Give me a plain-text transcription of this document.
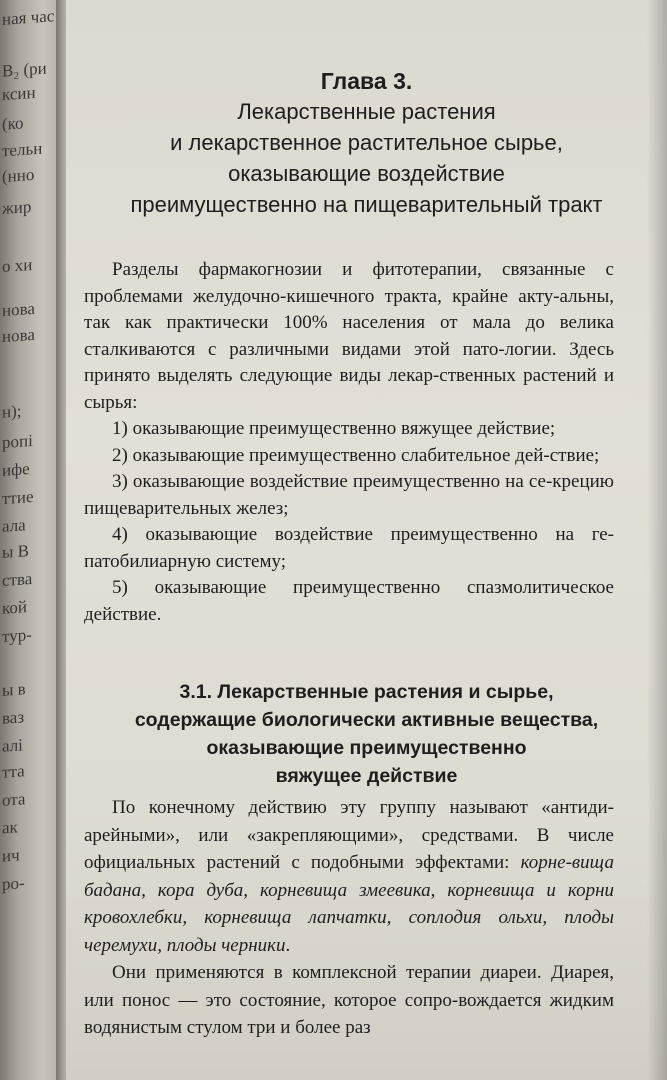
ная час
В₂ (ри
ксин
(ко
тельн
(нно
жир
о хи
нова
нова
н);
ропі
ифе
ттие
ала
ы В
ства
кой
тур-
ы в
ваз
алі
тта
ота
ак
ич
ро-
Глава 3.
Лекарственные растения
и лекарственное растительное сырье,
оказывающие воздействие
преимущественно на пищеварительный тракт

Разделы фармакогнозии и фитотерапии, связанные с проблемами желудочно-кишечного тракта, крайне акту-альны, так как практически 100% населения от мала до велика сталкиваются с различными видами этой пато-логии. Здесь принято выделять следующие виды лекар-ственных растений и сырья:

1) оказывающие преимущественно вяжущее действие;

2) оказывающие преимущественно слабительное дей-ствие;

3) оказывающие воздействие преимущественно на се-крецию пищеварительных желез;

4) оказывающие воздействие преимущественно на ге-патобилиарную систему;

5) оказывающие преимущественно спазмолитическое действие.

3.1. Лекарственные растения и сырье,
содержащие биологически активные вещества,
оказывающие преимущественно
вяжущее действие

По конечному действию эту группу называют «антиди-арейными», или «закрепляющими», средствами. В числе официальных растений с подобными эффектами: корне-вища бадана, кора дуба, корневища змеевика, корневища и корни кровохлебки, корневища лапчатки, соплодия ольхи, плоды черемухи, плоды черники.

Они применяются в комплексной терапии диареи. Диарея, или понос — это состояние, которое сопро-вождается жидким водянистым стулом три и более раз
